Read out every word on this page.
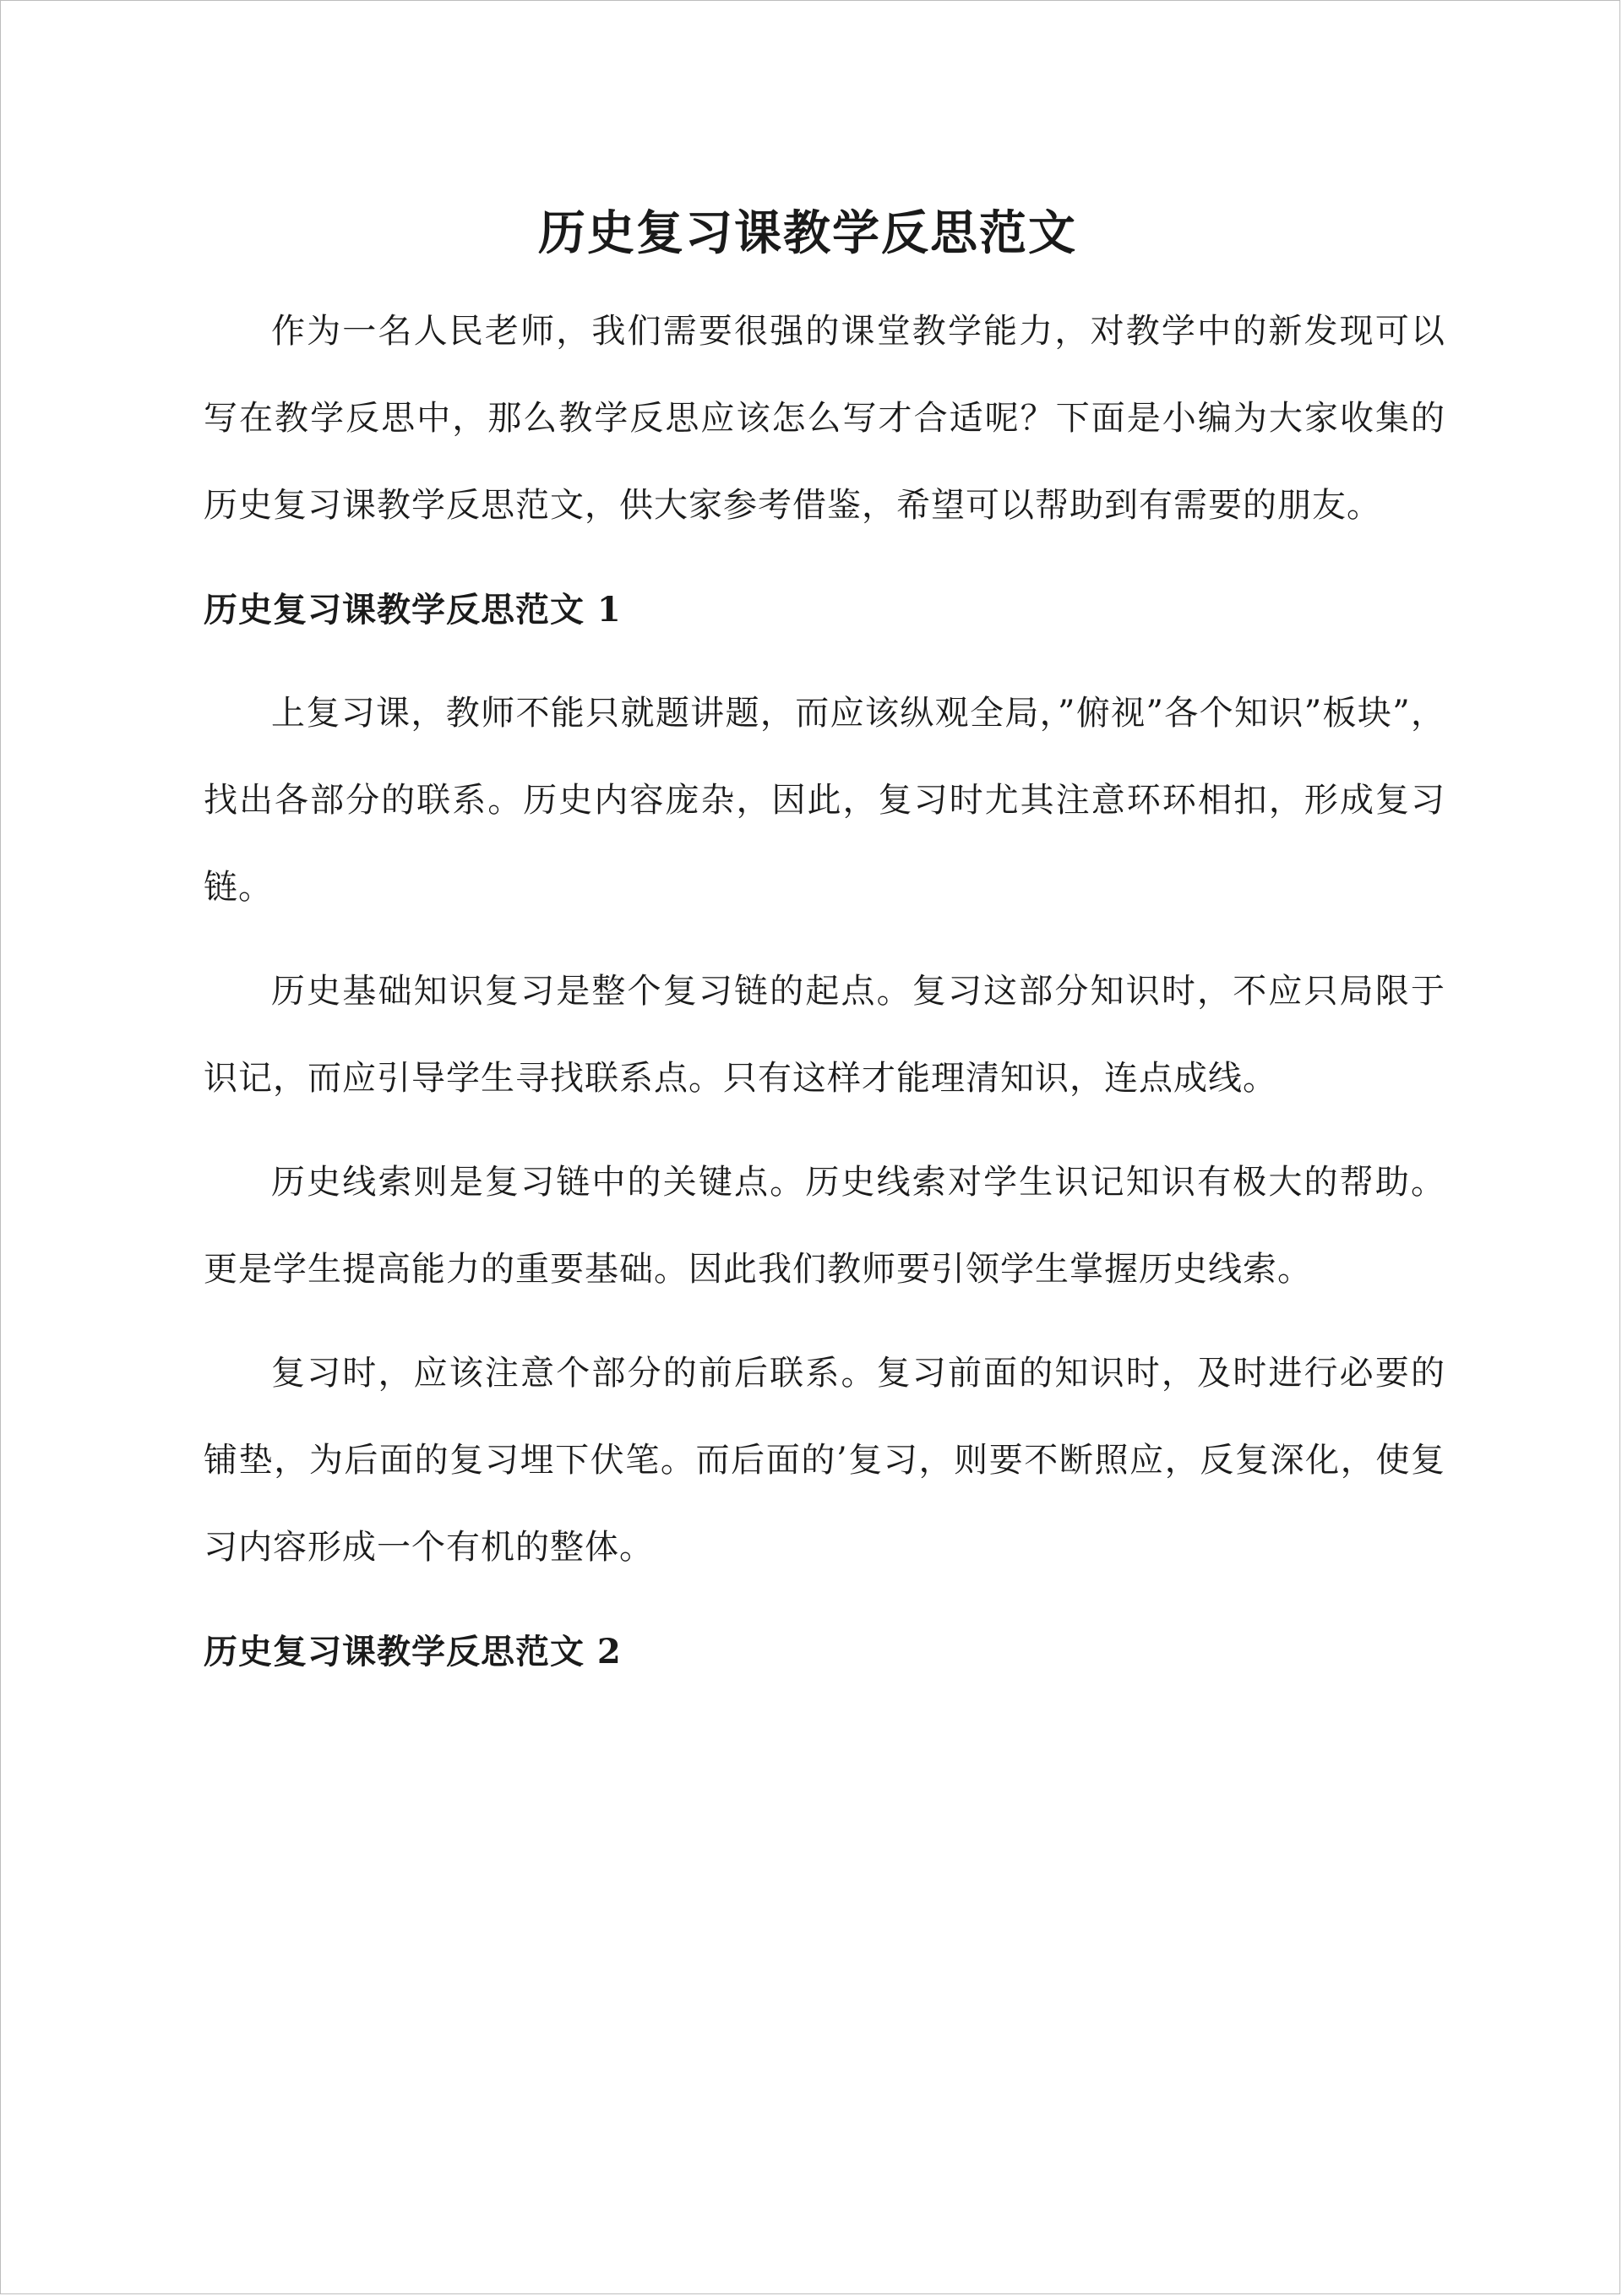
历史复习课教学反思范文

作为一名人民老师，我们需要很强的课堂教学能力，对教学中的新发现可以写在教学反思中，那么教学反思应该怎么写才合适呢？下面是小编为大家收集的历史复习课教学反思范文，供大家参考借鉴，希望可以帮助到有需要的朋友。

历史复习课教学反思范文 1

上复习课，教师不能只就题讲题，而应该纵观全局，”俯视”各个知识”板块”，找出各部分的联系。历史内容庞杂，因此，复习时尤其注意环环相扣，形成复习链。

历史基础知识复习是整个复习链的起点。复习这部分知识时，不应只局限于识记，而应引导学生寻找联系点。只有这样才能理清知识，连点成线。

历史线索则是复习链中的关键点。历史线索对学生识记知识有极大的帮助。更是学生提高能力的重要基础。因此我们教师要引领学生掌握历史线索。

复习时，应该注意个部分的前后联系。复习前面的知识时，及时进行必要的铺垫，为后面的复习埋下伏笔。而后面的’复习，则要不断照应，反复深化，使复习内容形成一个有机的整体。

历史复习课教学反思范文 2
